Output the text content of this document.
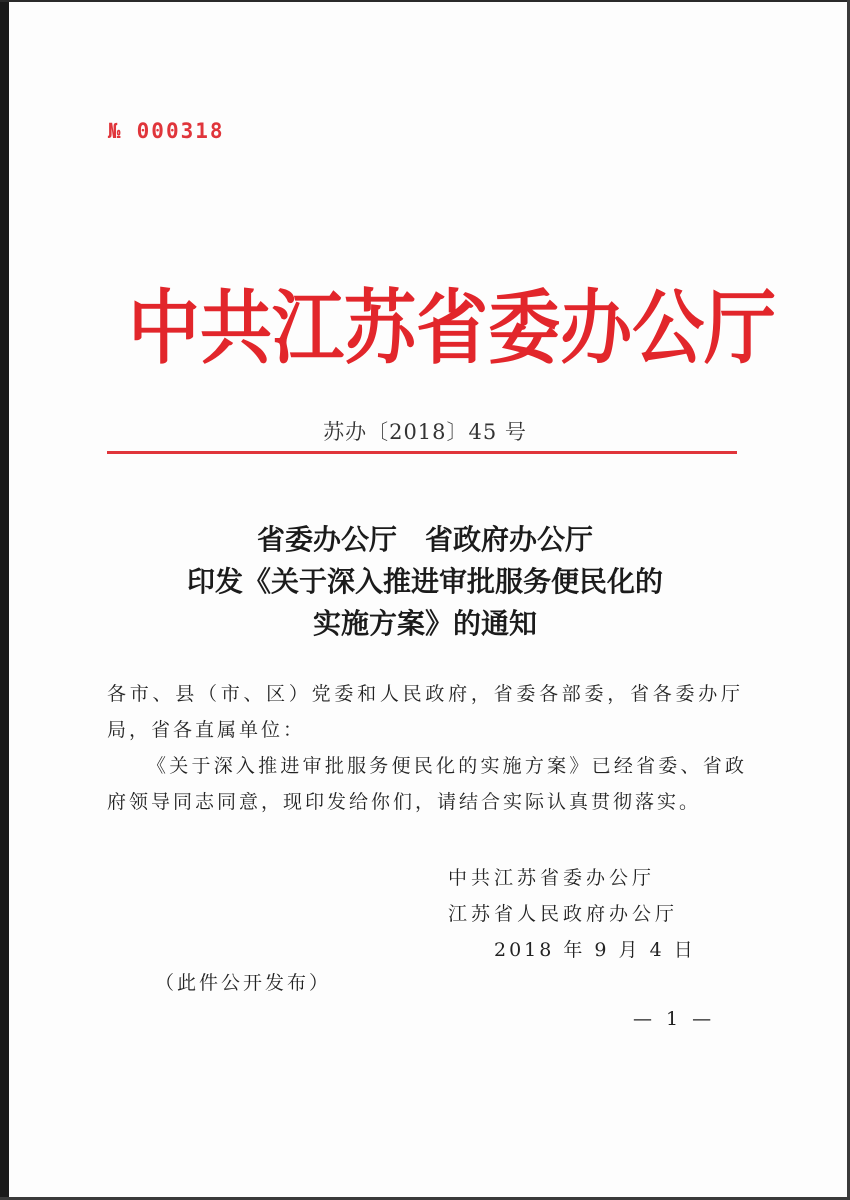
№ 000318
中 共 江 苏 省 委 办 公 厅
苏办〔2018〕45 号
省委办公厅　省政府办公厅
印发《关于深入推进审批服务便民化的
实施方案》的通知

各市、县（市、区）党委和人民政府，省委各部委，省各委办厅局，省各直属单位：

《关于深入推进审批服务便民化的实施方案》已经省委、省政府领导同志同意，现印发给你们，请结合实际认真贯彻落实。

中共江苏省委办公厅
江苏省人民政府办公厅
2018 年 9 月 4 日
（此件公开发布）
— 1 —
